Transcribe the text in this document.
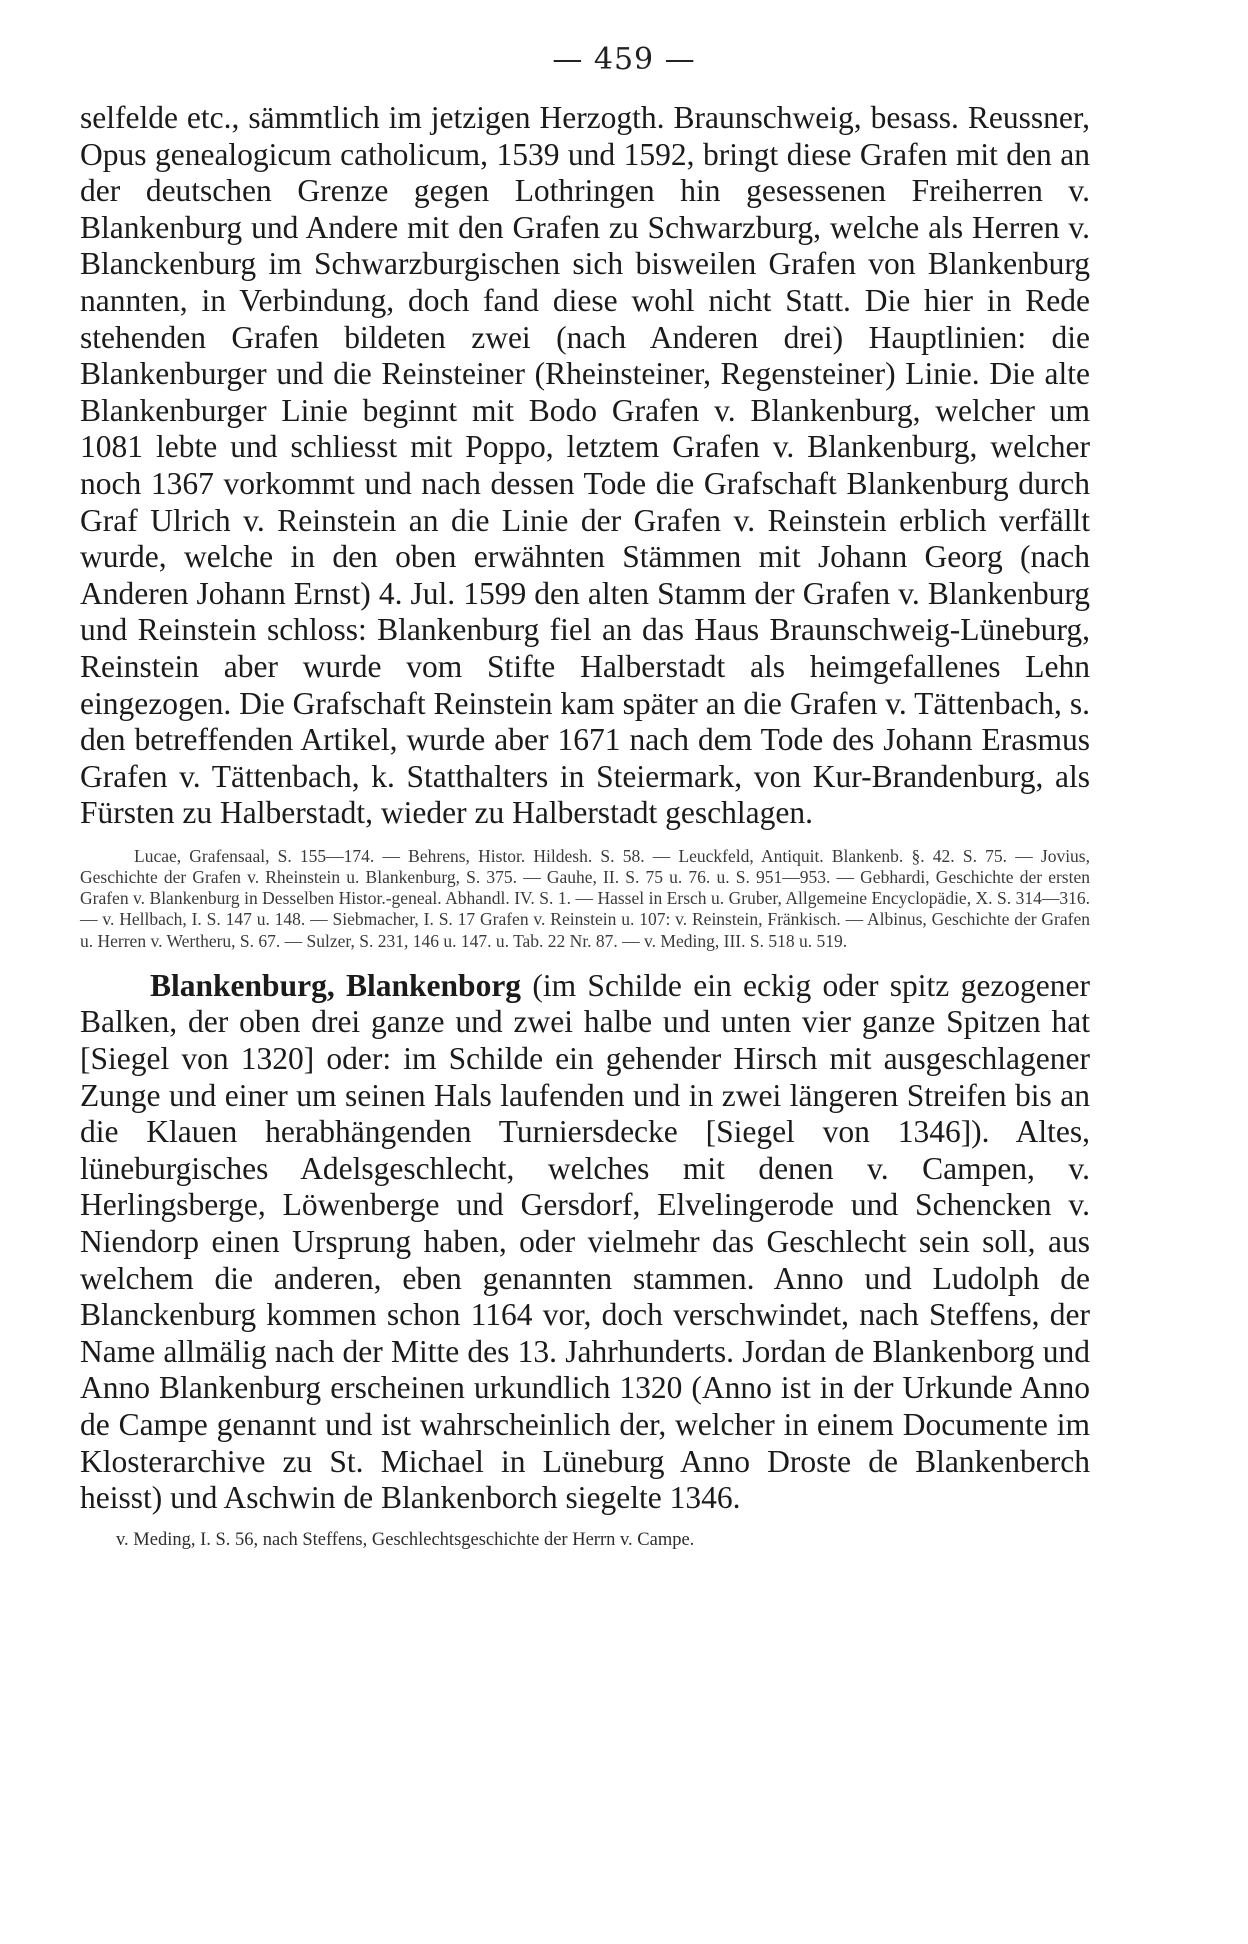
— 459 —

selfelde etc., sämmtlich im jetzigen Herzogth. Braunschweig, besass. Reussner, Opus genealogicum catholicum, 1539 und 1592, bringt diese Grafen mit den an der deutschen Grenze gegen Lothringen hin gesessenen Freiherren v. Blankenburg und Andere mit den Grafen zu Schwarzburg, welche als Herren v. Blanckenburg im Schwarzburgischen sich bisweilen Grafen von Blankenburg nannten, in Verbindung, doch fand diese wohl nicht Statt. Die hier in Rede stehenden Grafen bildeten zwei (nach Anderen drei) Hauptlinien: die Blankenburger und die Reinsteiner (Rheinsteiner, Regensteiner) Linie. Die alte Blankenburger Linie beginnt mit Bodo Grafen v. Blankenburg, welcher um 1081 lebte und schliesst mit Poppo, letztem Grafen v. Blankenburg, welcher noch 1367 vorkommt und nach dessen Tode die Grafschaft Blankenburg durch Graf Ulrich v. Reinstein an die Linie der Grafen v. Reinstein erblich verfällt wurde, welche in den oben erwähnten Stämmen mit Johann Georg (nach Anderen Johann Ernst) 4. Jul. 1599 den alten Stamm der Grafen v. Blankenburg und Reinstein schloss: Blankenburg fiel an das Haus Braunschweig-Lüneburg, Reinstein aber wurde vom Stifte Halberstadt als heimgefallenes Lehn eingezogen. Die Grafschaft Reinstein kam später an die Grafen v. Tättenbach, s. den betreffenden Artikel, wurde aber 1671 nach dem Tode des Johann Erasmus Grafen v. Tättenbach, k. Statthalters in Steiermark, von Kur-Brandenburg, als Fürsten zu Halberstadt, wieder zu Halberstadt geschlagen.

Lucae, Grafensaal, S. 155—174. — Behrens, Histor. Hildesh. S. 58. — Leuckfeld, Antiquit. Blankenb. §. 42. S. 75. — Jovius, Geschichte der Grafen v. Rheinstein u. Blankenburg, S. 375. — Gauhe, II. S. 75 u. 76. u. S. 951—953. — Gebhardi, Geschichte der ersten Grafen v. Blankenburg in Desselben Histor.-geneal. Abhandl. IV. S. 1. — Hassel in Ersch u. Gruber, Allgemeine Encyclopädie, X. S. 314—316. — v. Hellbach, I. S. 147 u. 148. — Siebmacher, I. S. 17 Grafen v. Reinstein u. 107: v. Reinstein, Fränkisch. — Albinus, Geschichte der Grafen u. Herren v. Wertheru, S. 67. — Sulzer, S. 231, 146 u. 147. u. Tab. 22 Nr. 87. — v. Meding, III. S. 518 u. 519.

Blankenburg, Blankenborg (im Schilde ein eckig oder spitz gezogener Balken, der oben drei ganze und zwei halbe und unten vier ganze Spitzen hat [Siegel von 1320] oder: im Schilde ein gehender Hirsch mit ausgeschlagener Zunge und einer um seinen Hals laufenden und in zwei längeren Streifen bis an die Klauen herabhängenden Turniersdecke [Siegel von 1346]). Altes, lüneburgisches Adelsgeschlecht, welches mit denen v. Campen, v. Herlingsberge, Löwenberge und Gersdorf, Elvelingerode und Schencken v. Niendorp einen Ursprung haben, oder vielmehr das Geschlecht sein soll, aus welchem die anderen, eben genannten stammen. Anno und Ludolph de Blanckenburg kommen schon 1164 vor, doch verschwindet, nach Steffens, der Name allmälig nach der Mitte des 13. Jahrhunderts. Jordan de Blankenborg und Anno Blankenburg erscheinen urkundlich 1320 (Anno ist in der Urkunde Anno de Campe genannt und ist wahrscheinlich der, welcher in einem Documente im Klosterarchive zu St. Michael in Lüneburg Anno Droste de Blankenberch heisst) und Aschwin de Blankenborch siegelte 1346.

v. Meding, I. S. 56, nach Steffens, Geschlechtsgeschichte der Herrn v. Campe.
